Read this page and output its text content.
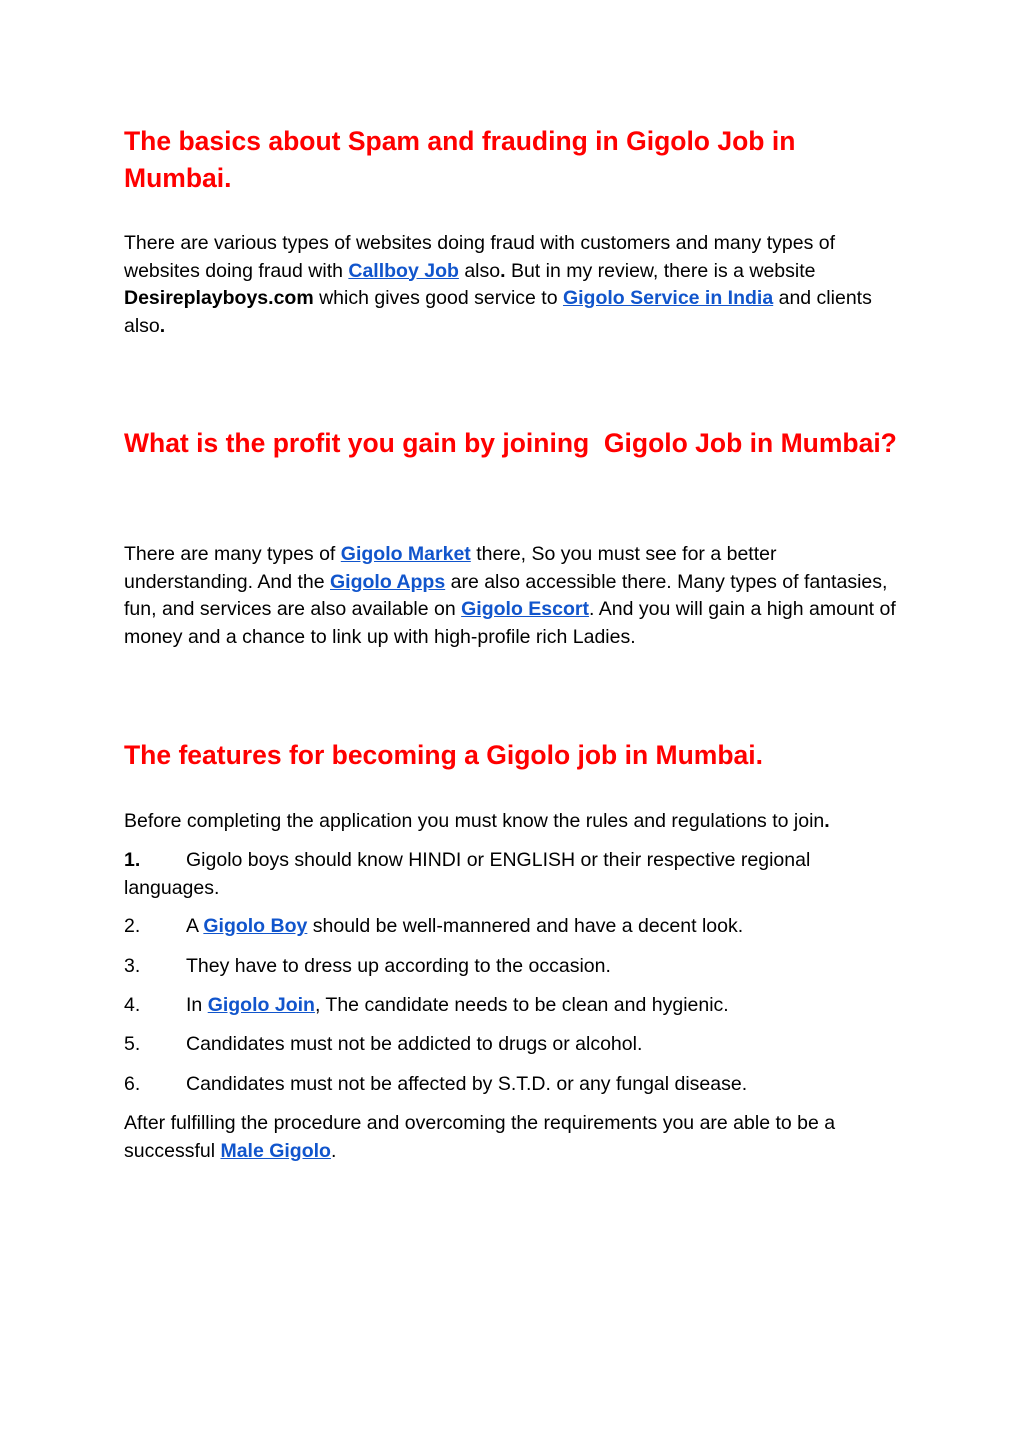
The basics about Spam and frauding in Gigolo Job in Mumbai.

There are various types of websites doing fraud with customers and many types of websites doing fraud with Callboy Job also. But in my review, there is a website Desireplayboys.com which gives good service to Gigolo Service in India and clients also.

What is the profit you gain by joining  Gigolo Job in Mumbai?

There are many types of Gigolo Market there, So you must see for a better understanding. And the Gigolo Apps are also accessible there. Many types of fantasies, fun, and services are also available on Gigolo Escort. And you will gain a high amount of money and a chance to link up with high-profile rich Ladies.

The features for becoming a Gigolo job in Mumbai.

Before completing the application you must know the rules and regulations to join.

1. Gigolo boys should know HINDI or ENGLISH or their respective regional languages.
2. A Gigolo Boy should be well-mannered and have a decent look.
3. They have to dress up according to the occasion.
4. In Gigolo Join, The candidate needs to be clean and hygienic.
5. Candidates must not be addicted to drugs or alcohol.
6. Candidates must not be affected by S.T.D. or any fungal disease.

After fulfilling the procedure and overcoming the requirements you are able to be a successful Male Gigolo.
